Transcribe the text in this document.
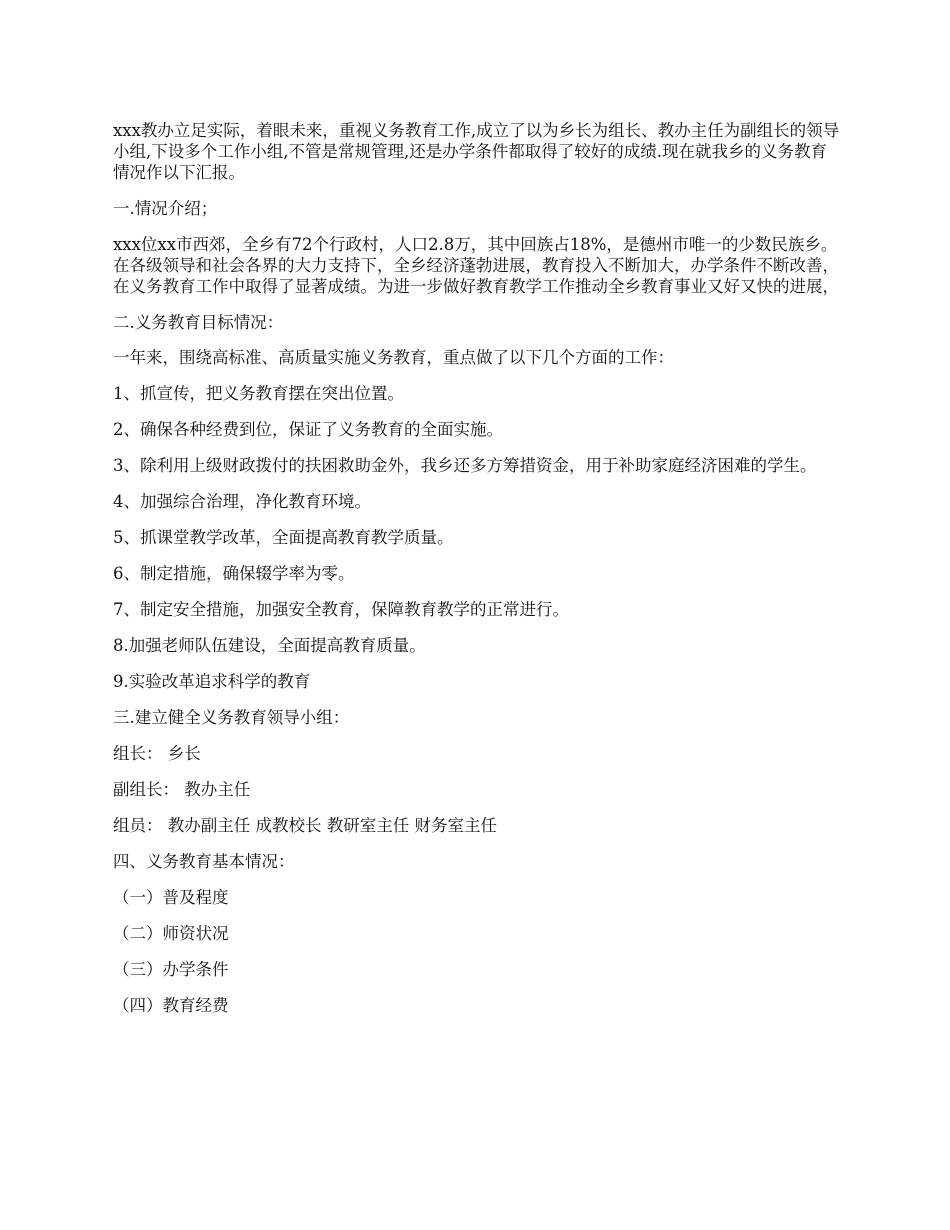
xxx教办立足实际，着眼未来，重视义务教育工作,成立了以为乡长为组长、教办主任为副组长的领导小组,下设多个工作小组,不管是常规管理,还是办学条件都取得了较好的成绩.现在就我乡的义务教育情况作以下汇报。

一.情况介绍；

xxx位xx市西郊，全乡有72个行政村，人口2.8万，其中回族占18%，是德州市唯一的少数民族乡。在各级领导和社会各界的大力支持下，全乡经济蓬勃进展，教育投入不断加大，办学条件不断改善，在义务教育工作中取得了显著成绩。为进一步做好教育教学工作推动全乡教育事业又好又快的进展，

二.义务教育目标情况：

一年来，围绕高标准、高质量实施义务教育，重点做了以下几个方面的工作：

1、抓宣传，把义务教育摆在突出位置。

2、确保各种经费到位，保证了义务教育的全面实施。

3、除利用上级财政拨付的扶困救助金外，我乡还多方筹措资金，用于补助家庭经济困难的学生。

4、加强综合治理，净化教育环境。

5、抓课堂教学改革，全面提高教育教学质量。

6、制定措施，确保辍学率为零。

7、制定安全措施，加强安全教育，保障教育教学的正常进行。

8.加强老师队伍建设，全面提高教育质量。

9.实验改革追求科学的教育

三.建立健全义务教育领导小组：

组长： 乡长

副组长： 教办主任

组员： 教办副主任 成教校长 教研室主任 财务室主任

四、义务教育基本情况：

（一）普及程度

（二）师资状况

（三）办学条件

（四）教育经费
